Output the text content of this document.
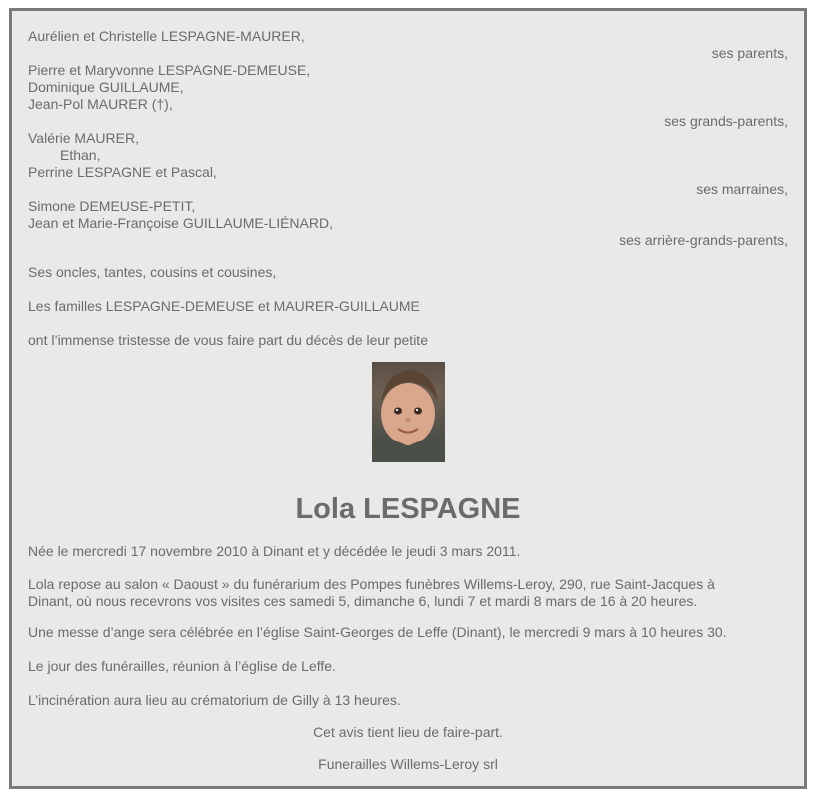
Aurélien et Christelle LESPAGNE-MAURER,
ses parents,
Pierre et Maryvonne LESPAGNE-DEMEUSE,
Dominique GUILLAUME,
Jean-Pol MAURER (†),
ses grands-parents,
Valérie MAURER,
Ethan,
Perrine LESPAGNE et Pascal,
ses marraines,
Simone DEMEUSE-PETIT,
Jean et Marie-Françoise GUILLAUME-LIÉNARD,
ses arrière-grands-parents,
Ses oncles, tantes, cousins et cousines,
Les familles LESPAGNE-DEMEUSE et MAURER-GUILLAUME
ont l’immense tristesse de vous faire part du décès de leur petite
Lola LESPAGNE
Née le mercredi 17 novembre 2010 à Dinant et y décédée le jeudi 3 mars 2011.
Lola repose au salon « Daoust » du funérarium des Pompes funèbres Willems-Leroy, 290, rue Saint-Jacques à
Dinant, où nous recevrons vos visites ces samedi 5, dimanche 6, lundi 7 et mardi 8 mars de 16 à 20 heures.
Une messe d’ange sera célébrée en l’église Saint-Georges de Leffe (Dinant), le mercredi 9 mars à 10 heures 30.
Le jour des funérailles, réunion à l’église de Leffe.
L’incinération aura lieu au crématorium de Gilly à 13 heures.
Cet avis tient lieu de faire-part.
Funerailles Willems-Leroy srl
